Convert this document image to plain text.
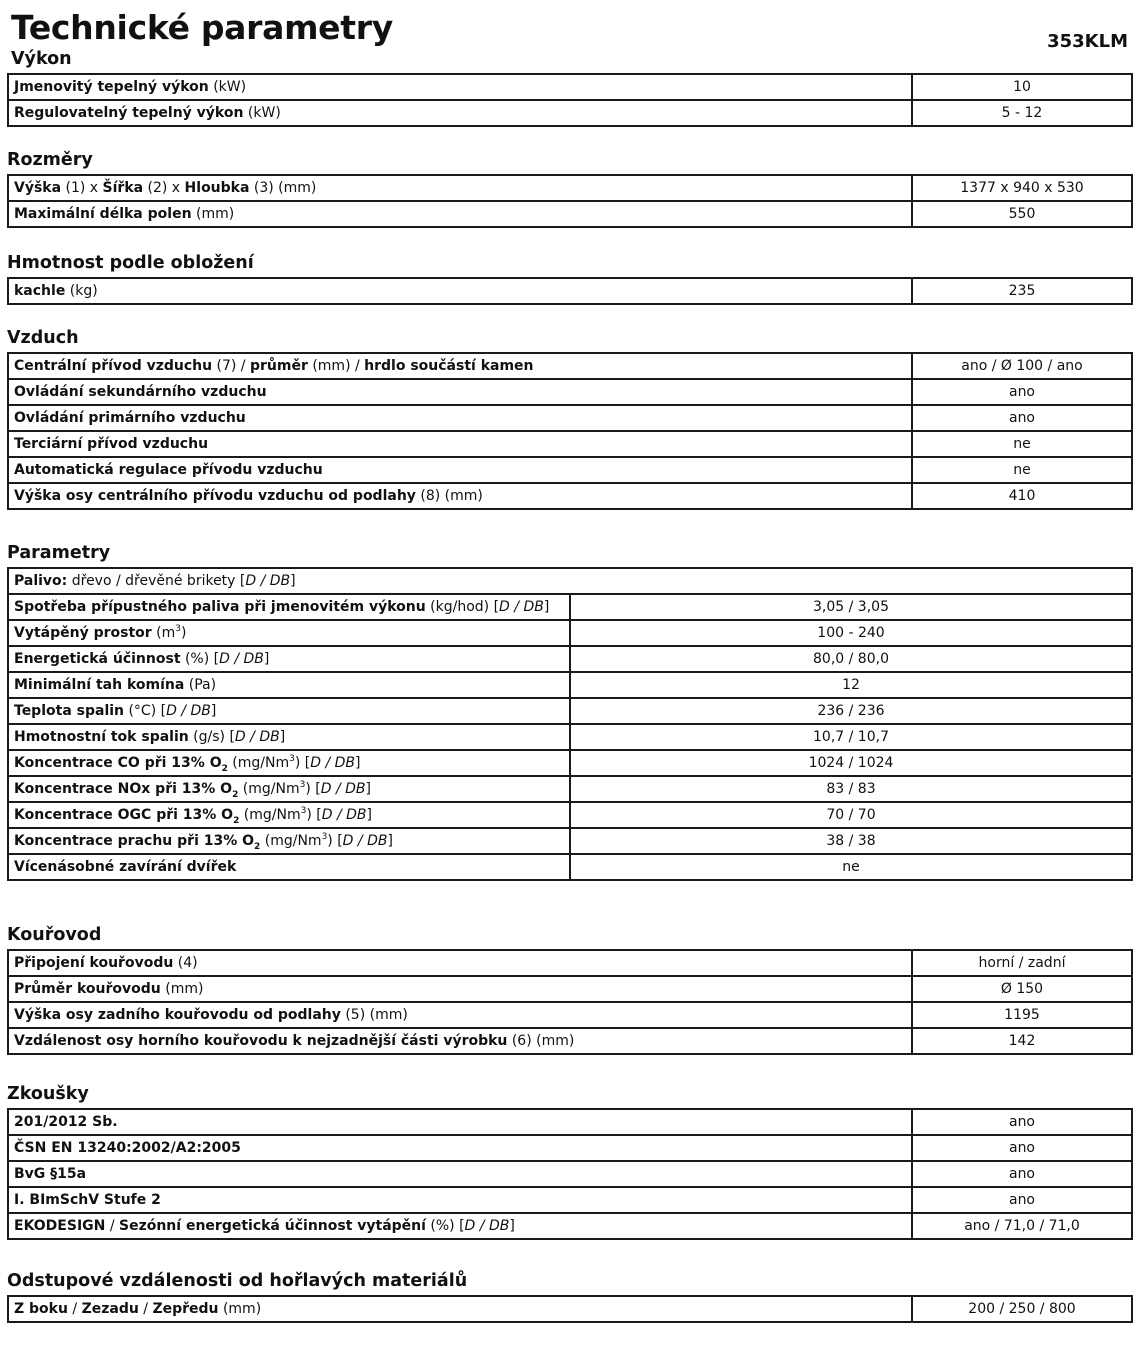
Technické parametry	353KLM
Výkon
Jmenovitý tepelný výkon (kW)	10
Regulovatelný tepelný výkon (kW)	5 - 12
Rozměry
Výška (1) x Šířka (2) x Hloubka (3) (mm)	1377 x 940 x 530
Maximální délka polen (mm)	550
Hmotnost podle obložení
kachle (kg)	235
Vzduch
Centrální přívod vzduchu (7) / průměr (mm) / hrdlo součástí kamen	ano / Ø 100 / ano
Ovládání sekundárního vzduchu	ano
Ovládání primárního vzduchu	ano
Terciární přívod vzduchu	ne
Automatická regulace přívodu vzduchu	ne
Výška osy centrálního přívodu vzduchu od podlahy (8) (mm)	410
Parametry
Palivo: dřevo / dřevěné brikety [D / DB]	
Spotřeba přípustného paliva při jmenovitém výkonu (kg/hod) [D / DB]	3,05 / 3,05
Vytápěný prostor $(m^3)$	100 - 240
Energetická účinnost (%) [D / DB]	80,0 / 80,0
Minimální tah komína (Pa)	12
Teplota spalin (°C) [D / DB]	236 / 236
Hmotnostní tok spalin (g/s) [D / DB]	10,7 / 10,7
Koncentrace CO při 13% $O_2$ (mg/Nm$^3$) [D / DB]	1024 / 1024
Koncentrace NOx při 13% $O_2$ (mg/Nm$^3$) [D / DB]	83 / 83
Koncentrace OGC při 13% $O_2$ (mg/Nm$^3$) [D / DB]	70 / 70
Koncentrace prachu při 13% $O_2$ (mg/Nm$^3$) [D / DB]	38 / 38
Vícenásobné zavírání dvířek	ne
Kouřovod
Připojení kouřovodu (4)	horní / zadní
Průměr kouřovodu (mm)	Ø 150
Výška osy zadního kouřovodu od podlahy (5) (mm)	1195
Vzdálenost osy horního kouřovodu k nejzadnější části výrobku (6) (mm)	142
Zkoušky
201/2012 Sb.	ano
ČSN EN 13240:2002/A2:2005	ano
BvG §15a	ano
I. BImSchV Stufe 2	ano
EKODESIGN / Sezónní energetická účinnost vytápění (%) [D / DB]	ano / 71,0 / 71,0
Odstupové vzdálenosti od hořlavých materiálů
Z boku / Zezadu / Zepředu (mm)	200 / 250 / 800
